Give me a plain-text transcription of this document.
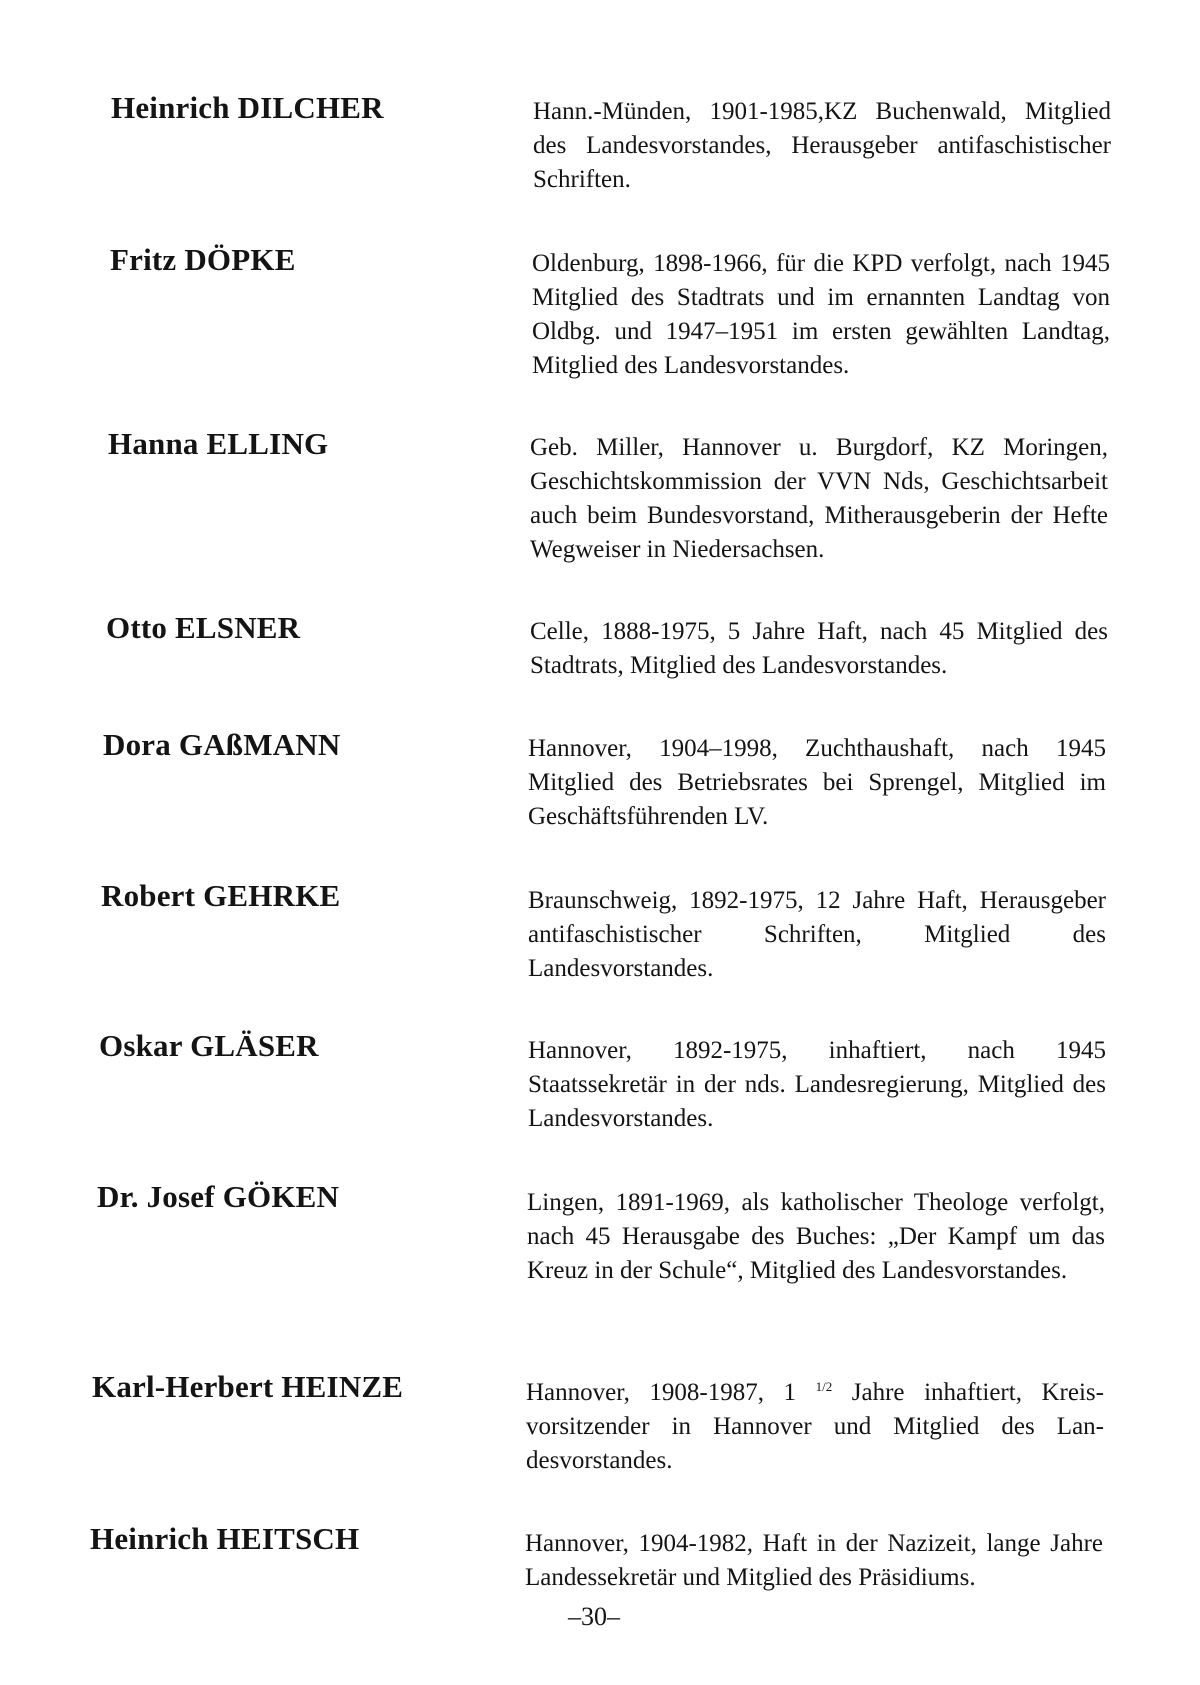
Heinrich DILCHER	Hann.-Münden, 1901-1985,KZ Buchenwald, Mitglied des Landesvorstandes, Herausgeber antifaschistischer Schriften.
Fritz DÖPKE	Oldenburg, 1898-1966, für die KPD verfolgt, nach 1945 Mitglied des Stadtrats und im ernannten Landtag von Oldbg. und 1947–1951 im ersten gewählten Landtag, Mitglied des Landesvorstandes.
Hanna ELLING	Geb. Miller, Hannover u. Burgdorf, KZ Moringen, Geschichtskommission der VVN Nds, Geschichtsarbeit auch beim Bundesvorstand, Mitherausgeberin der Hefte Wegweiser in Niedersachsen.
Otto ELSNER	Celle, 1888-1975, 5 Jahre Haft, nach 45 Mitglied des Stadtrats, Mitglied des Landesvorstandes.
Dora GAßMANN	Hannover, 1904–1998, Zuchthaushaft, nach 1945 Mitglied des Betriebsrates bei Sprengel, Mitglied im Geschäftsführenden LV.
Robert GEHRKE	Braunschweig, 1892-1975, 12 Jahre Haft, Herausgeber antifaschistischer Schriften, Mitglied des Landesvorstandes.
Oskar GLÄSER	Hannover, 1892-1975, inhaftiert, nach 1945 Staatssekretär in der nds. Landesregierung, Mitglied des Landesvorstandes.
Dr. Josef GÖKEN	Lingen, 1891-1969, als katholischer Theologe verfolgt, nach 45 Herausgabe des Buches: „Der Kampf um das Kreuz in der Schule“, Mitglied des Landesvorstandes.
Karl-Herbert HEINZE	Hannover, 1908-1987, 1 $^{1/2}$ Jahre inhaftiert, Kreisvorsitzender in Hannover und Mitglied des Landesvorstandes.
Heinrich HEITSCH	Hannover, 1904-1982, Haft in der Nazizeit, lange Jahre Landessekretär und Mitglied des Präsidiums.
–30–
